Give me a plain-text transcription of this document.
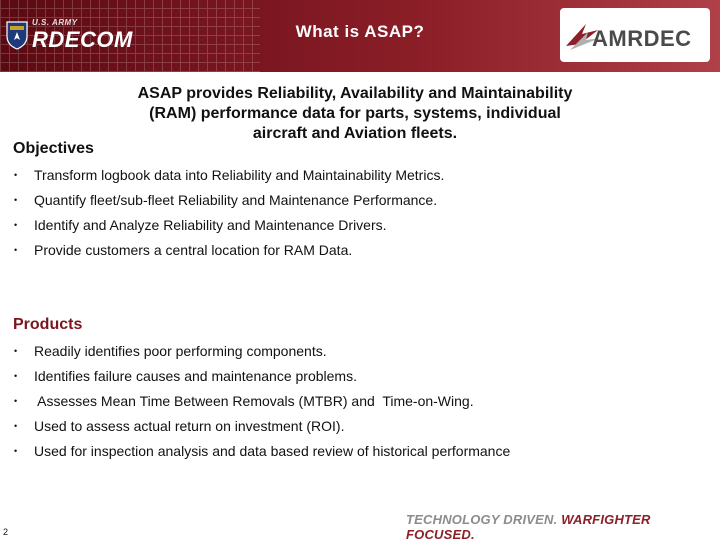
U.S. ARMY
RDECOM	What is ASAP?	AMRDEC
ASAP provides Reliability, Availability and Maintainability
(RAM) performance data for parts, systems, individual
aircraft and Aviation fleets.
Objectives
• Transform logbook data into Reliability and Maintainability Metrics.
• Quantify fleet/sub-fleet Reliability and Maintenance Performance.
• Identify and Analyze Reliability and Maintenance Drivers.
• Provide customers a central location for RAM Data.
Products
• Readily identifies poor performing components.
• Identifies failure causes and maintenance problems.
• Assesses Mean Time Between Removals (MTBR) and  Time-on-Wing.
• Used to assess actual return on investment (ROI).
• Used for inspection analysis and data based review of historical performance
TECHNOLOGY DRIVEN. WARFIGHTER FOCUSED.
2
